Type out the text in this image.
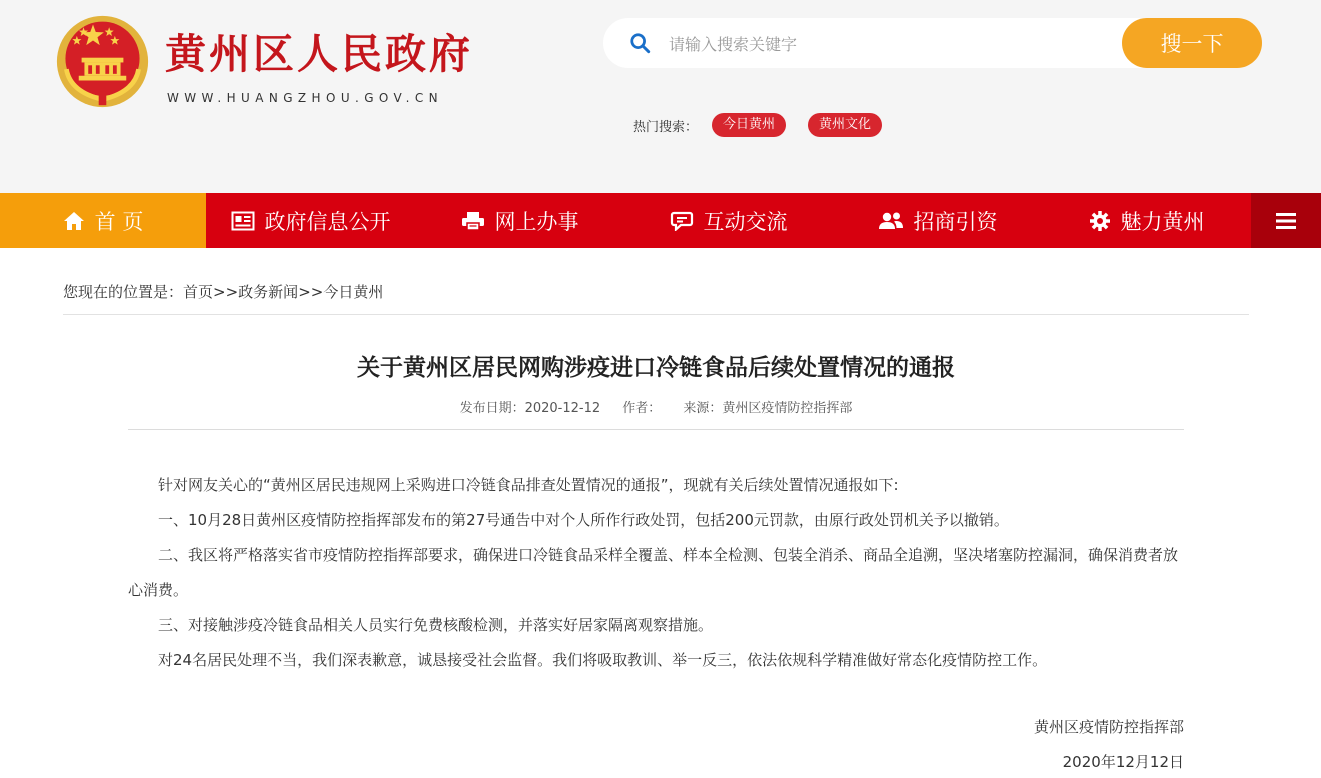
黄州区人民政府
WWW.HUANGZHOU.GOV.CN
请输入搜索关键字
搜一下
热门搜索：	今日黄州	黄州文化
首 页	政府信息公开	网上办事	互动交流	招商引资	魅力黄州
您现在的位置是：首页>>政务新闻>>今日黄州
关于黄州区居民网购涉疫进口冷链食品后续处置情况的通报
发布日期：2020-12-12 作者： 来源：黄州区疫情防控指挥部

针对网友关心的“黄州区居民违规网上采购进口冷链食品排查处置情况的通报”，现就有关后续处置情况通报如下:

一、10月28日黄州区疫情防控指挥部发布的第27号通告中对个人所作行政处罚，包括200元罚款，由原行政处罚机关予以撤销。

二、我区将严格落实省市疫情防控指挥部要求，确保进口冷链食品采样全覆盖、样本全检测、包装全消杀、商品全追溯，坚决堵塞防控漏洞，确保消费者放心消费。

三、对接触涉疫冷链食品相关人员实行免费核酸检测，并落实好居家隔离观察措施。

对24名居民处理不当，我们深表歉意，诚恳接受社会监督。我们将吸取教训、举一反三，依法依规科学精准做好常态化疫情防控工作。

黄州区疫情防控指挥部
2020年12月12日
